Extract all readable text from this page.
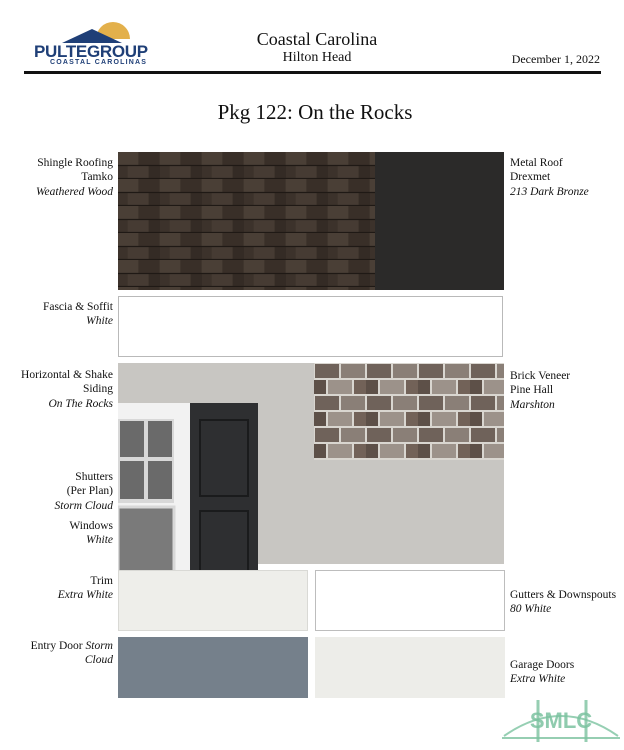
PULTEGROUP
COASTAL CAROLINAS
Coastal Carolina
Hilton Head	December 1, 2022
Pkg 122: On the Rocks
Shingle Roofing
Tamko
Weathered Wood
Fascia & Soffit
White
Horizontal & Shake
Siding
On The Rocks
Shutters
(Per Plan)
Storm Cloud
Windows
White
Trim
Extra White
Entry Door Storm
Cloud
Metal Roof
Drexmet
213 Dark Bronze
Brick Veneer
Pine Hall
Marshton
Gutters & Downspouts
80 White
Garage Doors
Extra White
SMLC
